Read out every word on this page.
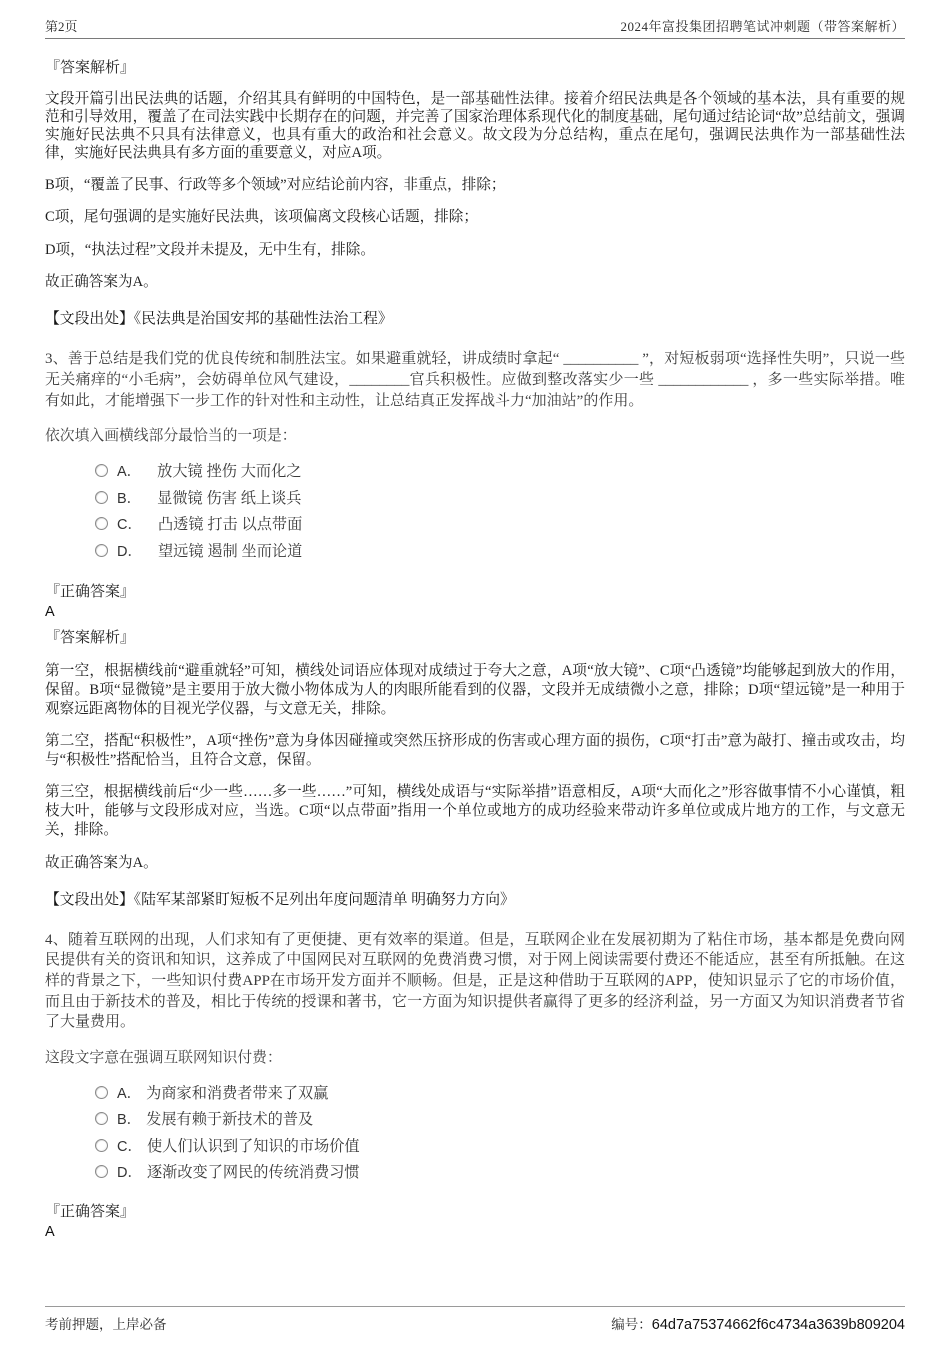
第2页	2024年富投集团招聘笔试冲刺题（带答案解析）
『答案解析』
文段开篇引出民法典的话题，介绍其具有鲜明的中国特色，是一部基础性法律。接着介绍民法典是各个领域的基本法，具有重要的规范和引导效用，覆盖了在司法实践中长期存在的问题，并完善了国家治理体系现代化的制度基础，尾句通过结论词“故”总结前文，强调实施好民法典不只具有法律意义，也具有重大的政治和社会意义。故文段为分总结构，重点在尾句，强调民法典作为一部基础性法律，实施好民法典具有多方面的重要意义，对应A项。
B项，“覆盖了民事、行政等多个领域”对应结论前内容，非重点，排除；
C项，尾句强调的是实施好民法典，该项偏离文段核心话题，排除；
D项，“执法过程”文段并未提及，无中生有，排除。
故正确答案为A。
【文段出处】《民法典是治国安邦的基础性法治工程》
3、善于总结是我们党的优良传统和制胜法宝。如果避重就轻，讲成绩时拿起“ __________ ”，对短板弱项“选择性失明”，只说一些无关痛痒的“小毛病”，会妨碍单位风气建设，________官兵积极性。应做到整改落实少一些 ____________ ，多一些实际举措。唯有如此，才能增强下一步工作的针对性和主动性，让总结真正发挥战斗力“加油站”的作用。
依次填入画横线部分最恰当的一项是：
A． 放大镜 挫伤 大而化之
B． 显微镜 伤害 纸上谈兵
C． 凸透镜 打击 以点带面
D． 望远镜 遏制 坐而论道
『正确答案』
A
『答案解析』
第一空，根据横线前“避重就轻”可知，横线处词语应体现对成绩过于夸大之意，A项“放大镜”、C项“凸透镜”均能够起到放大的作用，保留。B项“显微镜”是主要用于放大微小物体成为人的肉眼所能看到的仪器，文段并无成绩微小之意，排除；D项“望远镜”是一种用于观察远距离物体的目视光学仪器，与文意无关，排除。
第二空，搭配“积极性”，A项“挫伤”意为身体因碰撞或突然压挤形成的伤害或心理方面的损伤，C项“打击”意为敲打、撞击或攻击，均与“积极性”搭配恰当，且符合文意，保留。
第三空，根据横线前后“少一些……多一些……”可知，横线处成语与“实际举措”语意相反，A项“大而化之”形容做事情不小心谨慎，粗枝大叶，能够与文段形成对应，当选。C项“以点带面”指用一个单位或地方的成功经验来带动许多单位或成片地方的工作，与文意无关，排除。
故正确答案为A。
【文段出处】《陆军某部紧盯短板不足列出年度问题清单 明确努力方向》
4、随着互联网的出现，人们求知有了更便捷、更有效率的渠道。但是，互联网企业在发展初期为了粘住市场，基本都是免费向网民提供有关的资讯和知识，这养成了中国网民对互联网的免费消费习惯，对于网上阅读需要付费还不能适应，甚至有所抵触。在这样的背景之下，一些知识付费APP在市场开发方面并不顺畅。但是，正是这种借助于互联网的APP，使知识显示了它的市场价值，而且由于新技术的普及，相比于传统的授课和著书，它一方面为知识提供者赢得了更多的经济利益，另一方面又为知识消费者节省了大量费用。
这段文字意在强调互联网知识付费：
A． 为商家和消费者带来了双赢
B． 发展有赖于新技术的普及
C． 使人们认识到了知识的市场价值
D． 逐渐改变了网民的传统消费习惯
『正确答案』
A
考前押题，上岸必备	编号：64d7a75374662f6c4734a3639b809204
